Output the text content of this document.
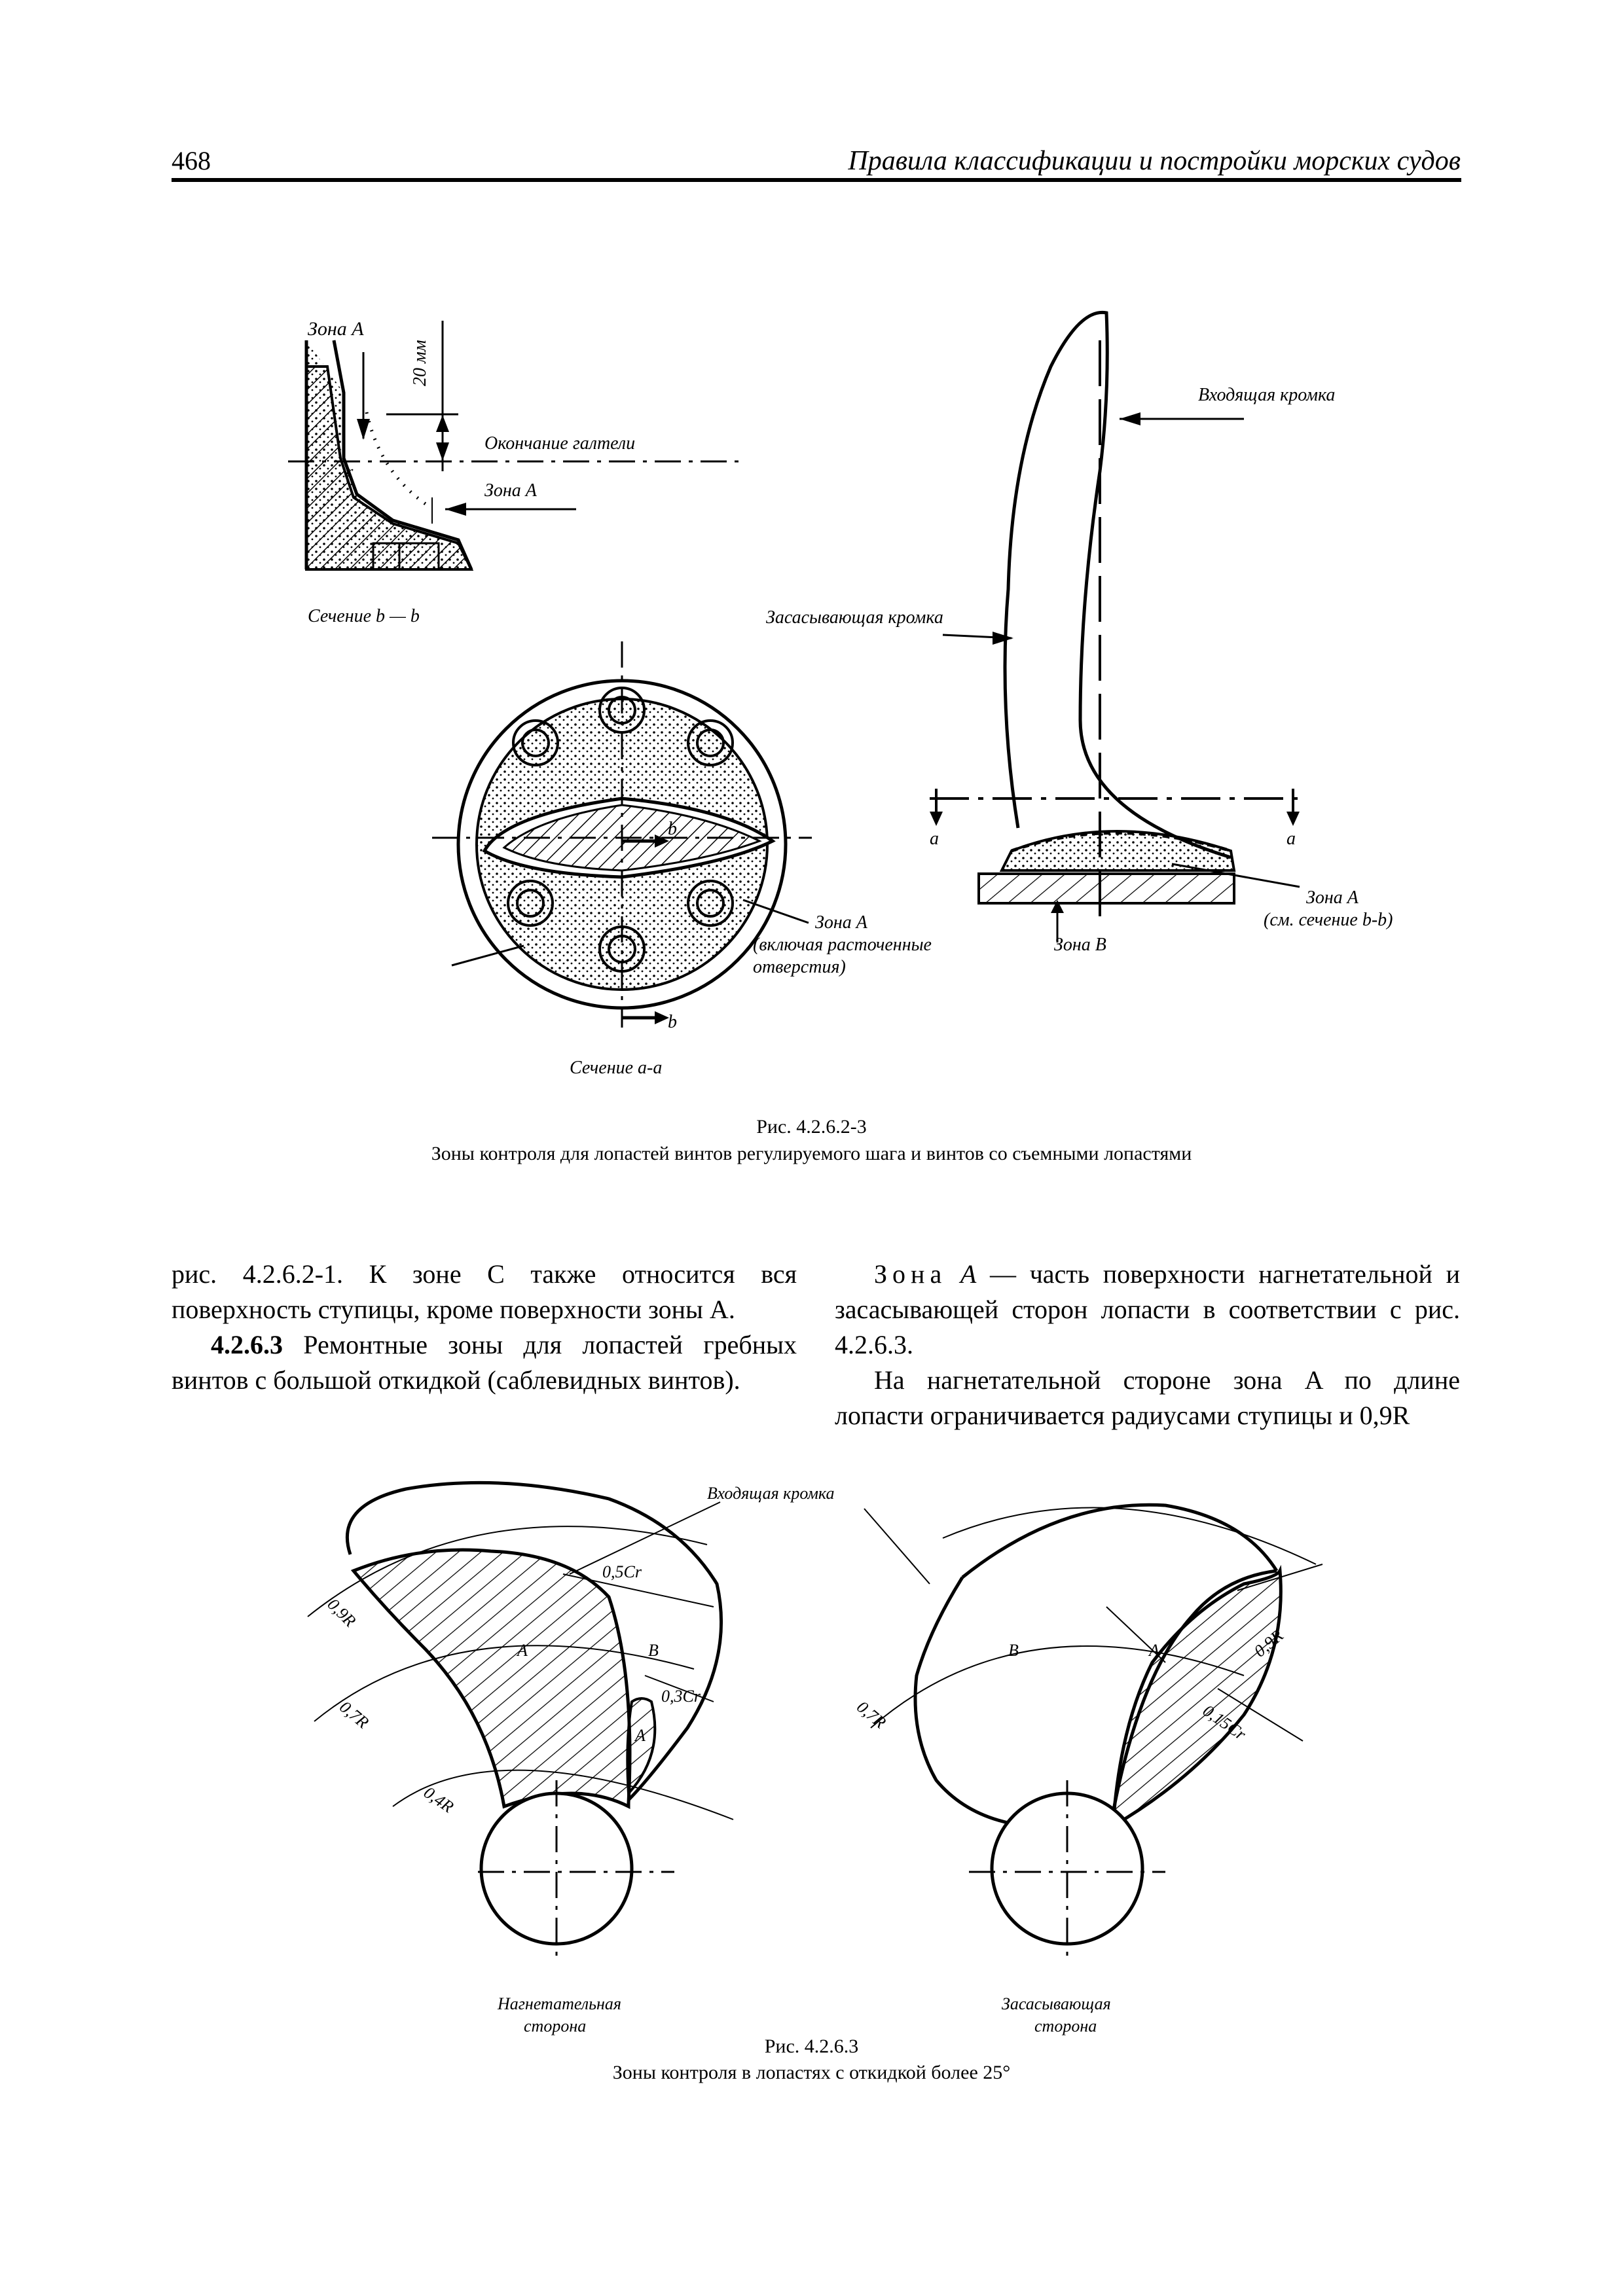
468	Правила классификации и постройки морских судов
Зона A
20 мм
Окончание галтели
Зона A
r
Сечение b — b
b
b
Зона A
(включая расточенные
отверстия)
Сечение a-a
Входящая кромка
Засасывающая кромка
a	a
Зона A
(см. сечение b-b)
Зона B
0,9R
0,7R
0,4R
0,5Cr
0,3Cr
A
A
B
Нагнетательная
сторона
Входящая кромка
0,9R
0,7R	0,15Cr
A
B
Засасывающая
сторона
Рис. 4.2.6.2-3
Зоны контроля для лопастей винтов регулируемого шага и винтов со съемными лопастями

рис. 4.2.6.2-1. К зоне C также относится вся поверхность ступицы, кроме поверхности зоны A.

4.2.6.3 Ремонтные зоны для лопастей гребных винтов с большой откидкой (саблевидных винтов).

Зона A — часть поверхности нагнетательной и засасывающей сторон лопасти в соответствии с рис. 4.2.6.3.

На нагнетательной стороне зона A по длине лопасти ограничивается радиусами ступицы и 0,9R

Рис. 4.2.6.3
Зоны контроля в лопастях с откидкой более 25°
